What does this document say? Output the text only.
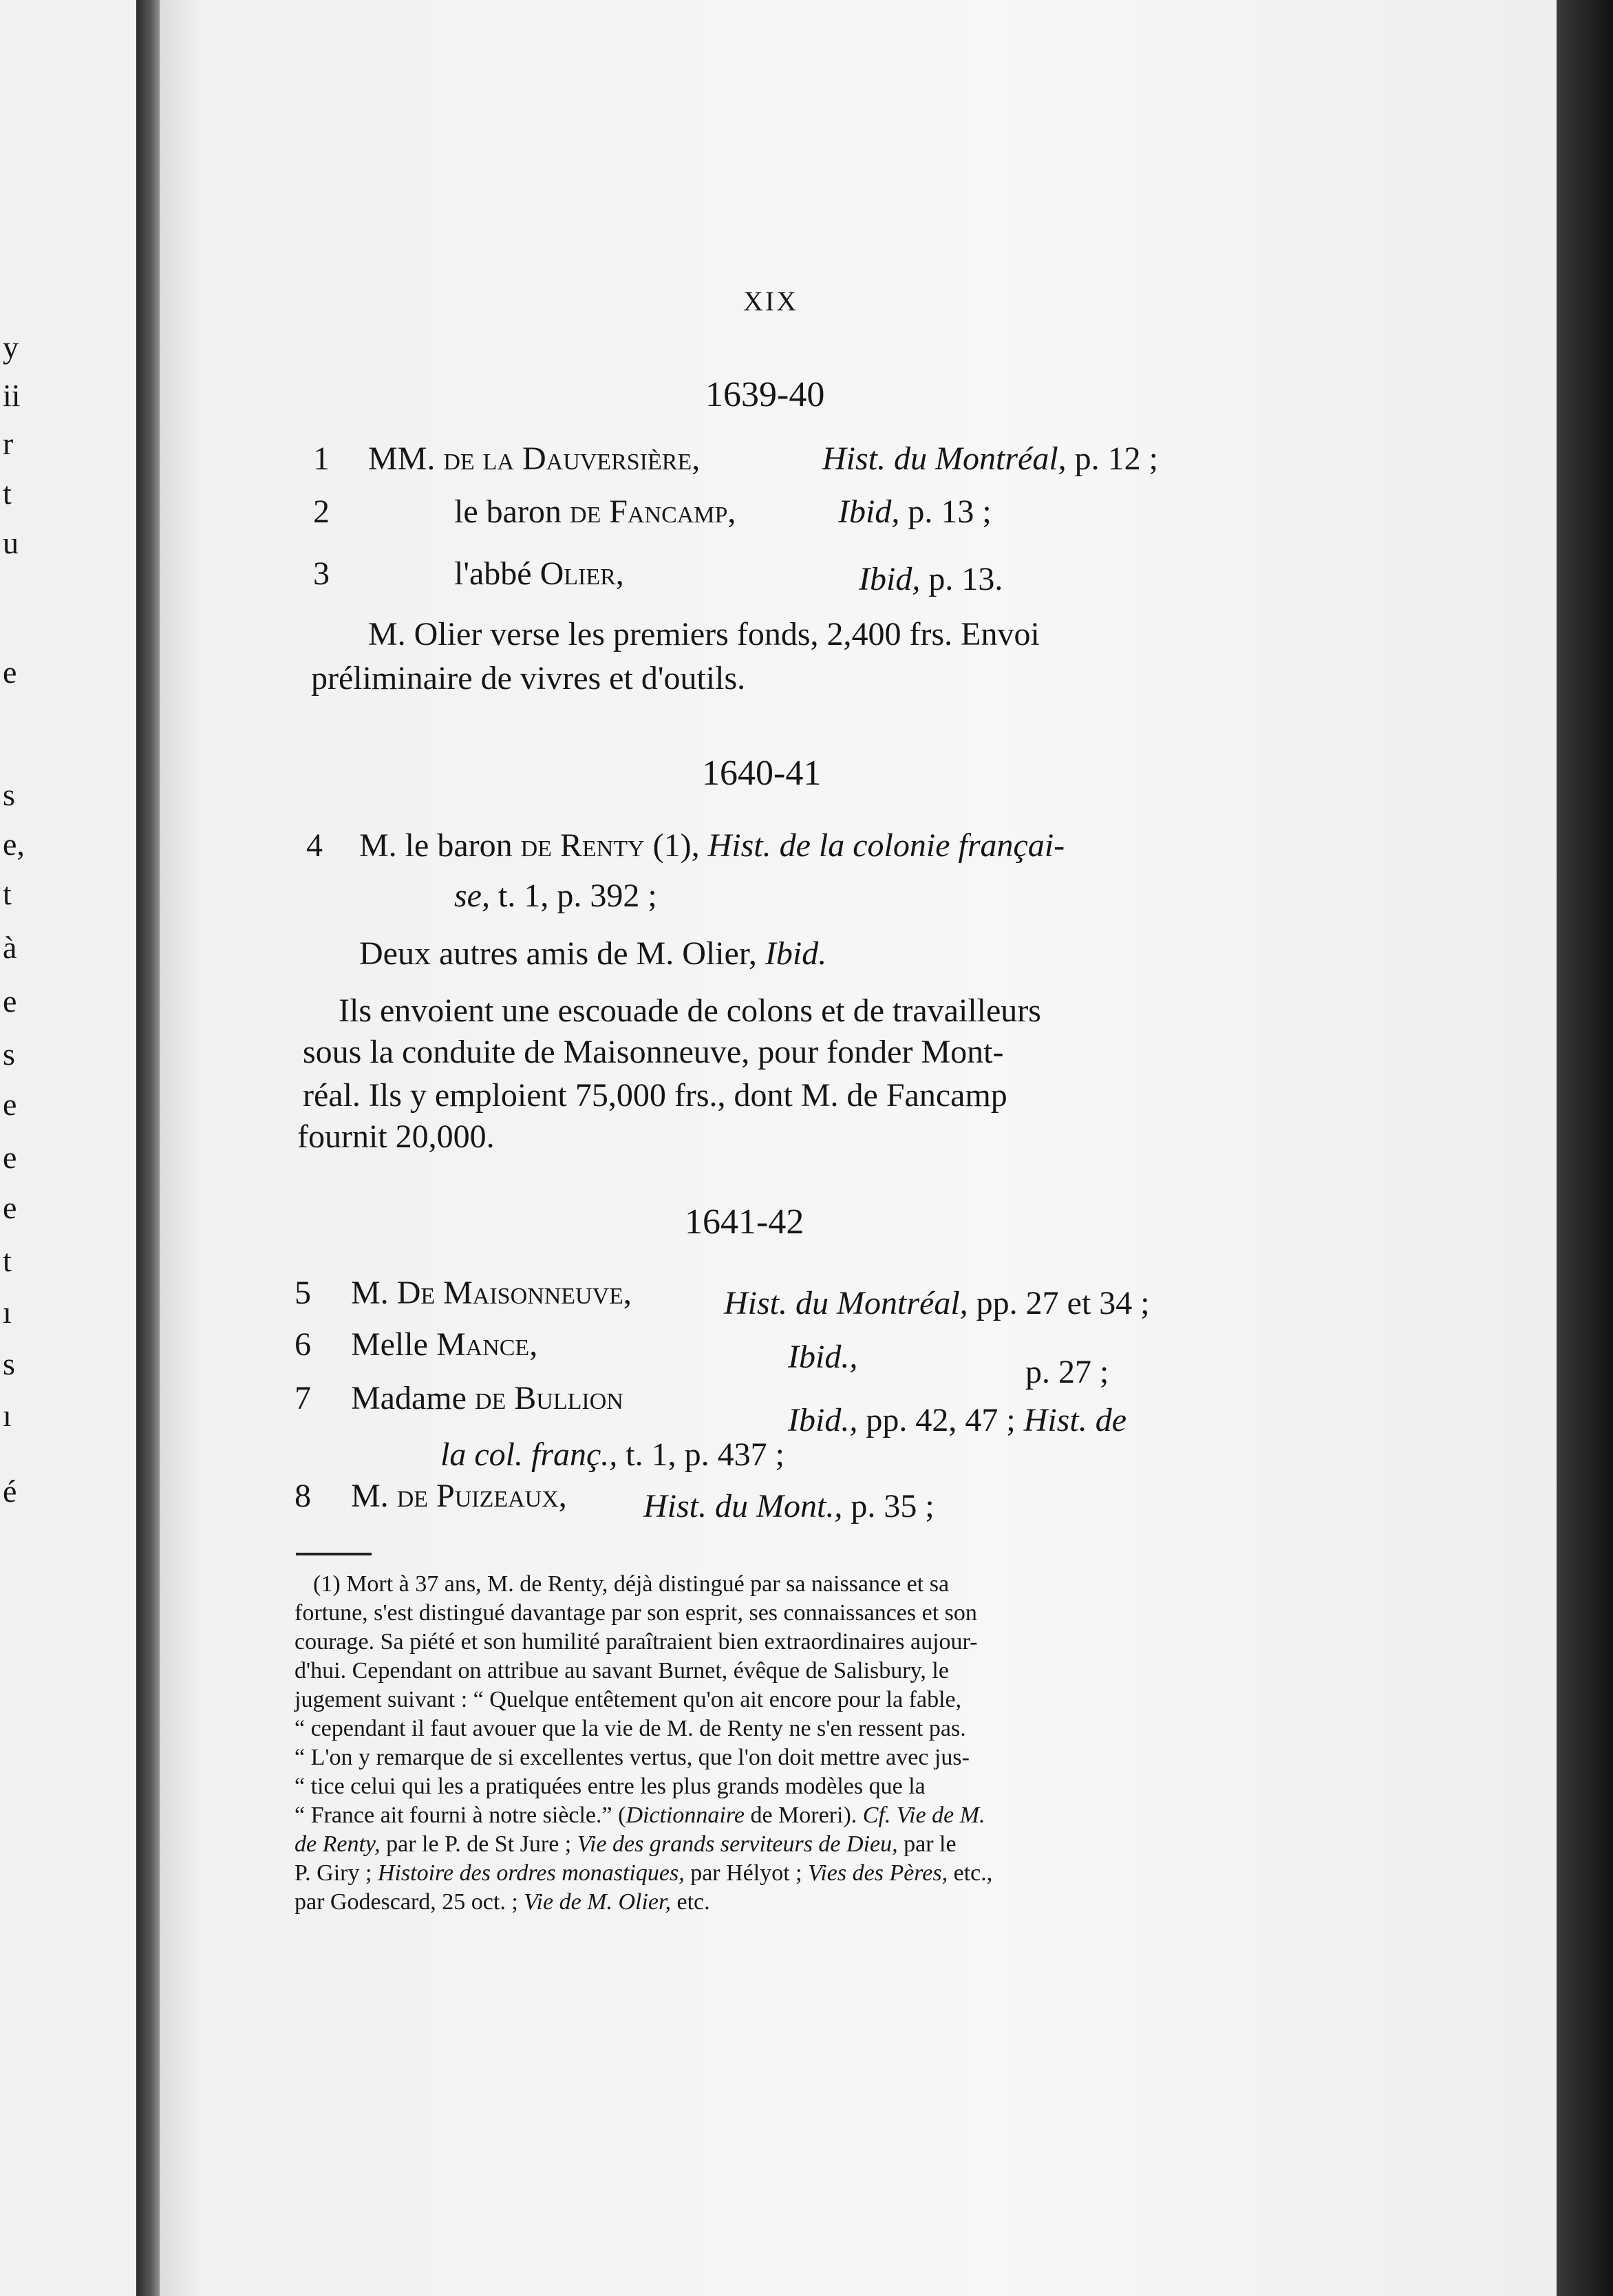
y
ii
r
t
u
e
s
e,
t
à
e
s
e
e
e
t
ı
s
ı
é
XIX
1639-40
1 MM. de la Dauversière,	Hist. du Montréal, p. 12 ;
2	le baron de Fancamp,	Ibid, p. 13 ;
3	l'abbé Olier,	Ibid, p. 13.
M. Olier verse les premiers fonds, 2,400 frs. Envoi
préliminaire de vivres et d'outils.
1640-41
4 M. le baron de Renty (1), Hist. de la colonie françai-
se, t. 1, p. 392 ;
Deux autres amis de M. Olier, Ibid.
Ils envoient une escouade de colons et de travailleurs
sous la conduite de Maisonneuve, pour fonder Mont-
réal. Ils y emploient 75,000 frs., dont M. de Fancamp
fournit 20,000.
1641-42
5 M. De Maisonneuve,	Hist. du Montréal, pp. 27 et 34 ;
6 Melle Mance,	Ibid.,	p. 27 ;
7 Madame de Bullion
Ibid., pp. 42, 47 ; Hist. de
la col. franç., t. 1, p. 437 ;
8 M. de Puizeaux, Hist. du Mont., p. 35 ;
(1) Mort à 37 ans, M. de Renty, déjà distingué par sa naissance et sa
fortune, s'est distingué davantage par son esprit, ses connaissances et son
courage. Sa piété et son humilité paraîtraient bien extraordinaires aujour-
d'hui. Cependant on attribue au savant Burnet, évêque de Salisbury, le
jugement suivant : “ Quelque entêtement qu'on ait encore pour la fable,
“ cependant il faut avouer que la vie de M. de Renty ne s'en ressent pas.
“ L'on y remarque de si excellentes vertus, que l'on doit mettre avec jus-
“ tice celui qui les a pratiquées entre les plus grands modèles que la
“ France ait fourni à notre siècle.” (Dictionnaire de Moreri). Cf. Vie de M.
de Renty, par le P. de St Jure ; Vie des grands serviteurs de Dieu, par le
P. Giry ; Histoire des ordres monastiques, par Hélyot ; Vies des Pères, etc.,
par Godescard, 25 oct. ; Vie de M. Olier, etc.
